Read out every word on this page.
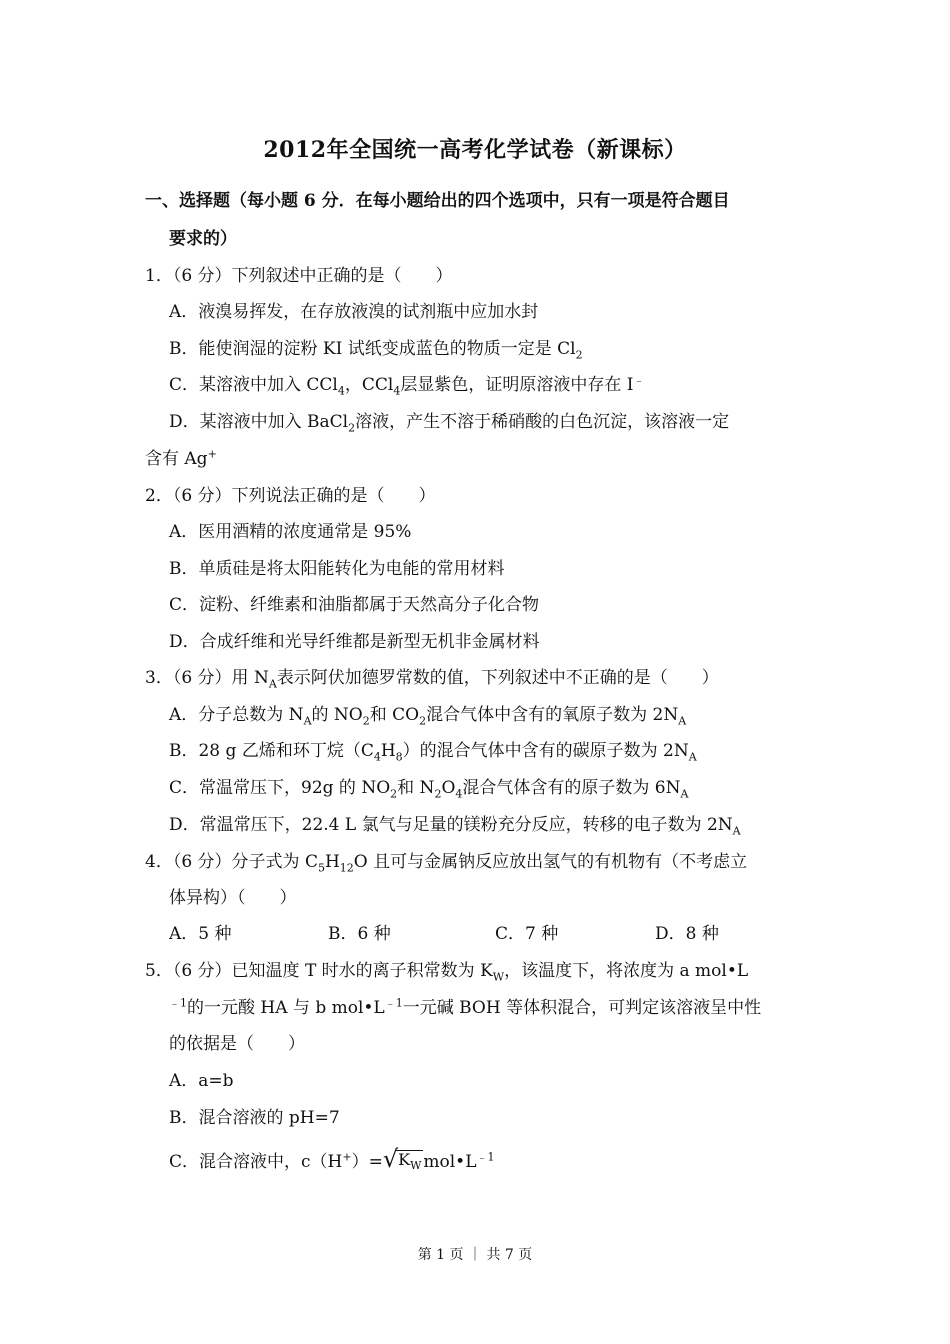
2012年全国统一高考化学试卷（新课标）
一、选择题（每小题 6 分．在每小题给出的四个选项中，只有一项是符合题目
要求的）
1．（6 分）下列叙述中正确的是（　　）
A．液溴易挥发，在存放液溴的试剂瓶中应加水封
B．能使润湿的淀粉 KI 试纸变成蓝色的物质一定是 $Cl_2$
C．某溶液中加入 CCl$_4$，CCl$_4$层显紫色，证明原溶液中存在 I﹣
D．某溶液中加入 BaCl$_2$溶液，产生不溶于稀硝酸的白色沉淀，该溶液一定
含有 Ag+
2．（6 分）下列说法正确的是（　　）
A．医用酒精的浓度通常是 95%
B．单质硅是将太阳能转化为电能的常用材料
C．淀粉、纤维素和油脂都属于天然高分子化合物
D．合成纤维和光导纤维都是新型无机非金属材料
3．（6 分）用 $N_A$表示阿伏加德罗常数的值，下列叙述中不正确的是（　　）
A．分子总数为 $N_A$的 $NO_2$和 $CO_2$混合气体中含有的氧原子数为 $2N_A$
B．28 g 乙烯和环丁烷$(C_4H_8)$的混合气体中含有的碳原子数为 $2N_A$
C．常温常压下，92g 的 $NO_2$和 $N_2O_4$混合气体含有的原子数为 $6N_A$
D．常温常压下，22.4 L 氯气与足量的镁粉充分反应，转移的电子数为 $2N_A$
4．（6 分）分子式为 $C_5H_{12}O$ 且可与金属钠反应放出氢气的有机物有（不考虑立
体异构）（　　）
A．5 种	B．6 种	C．7 种	D．8 种
5．（6 分）已知温度 T 时水的离子积常数为 $K_W$，该温度下，将浓度为 a mol•L
$^{﹣1}$的一元酸 HA 与 b $mol•L^{﹣1}$一元碱 BOH 等体积混合，可判定该溶液呈中性
的依据是（　　）
A．a=b
B．混合溶液的 pH=7
C．混合溶液中，$c(H^+)=√K_W$ $mol•L^{﹣1}$
第 1 页 ｜ 共 7 页
